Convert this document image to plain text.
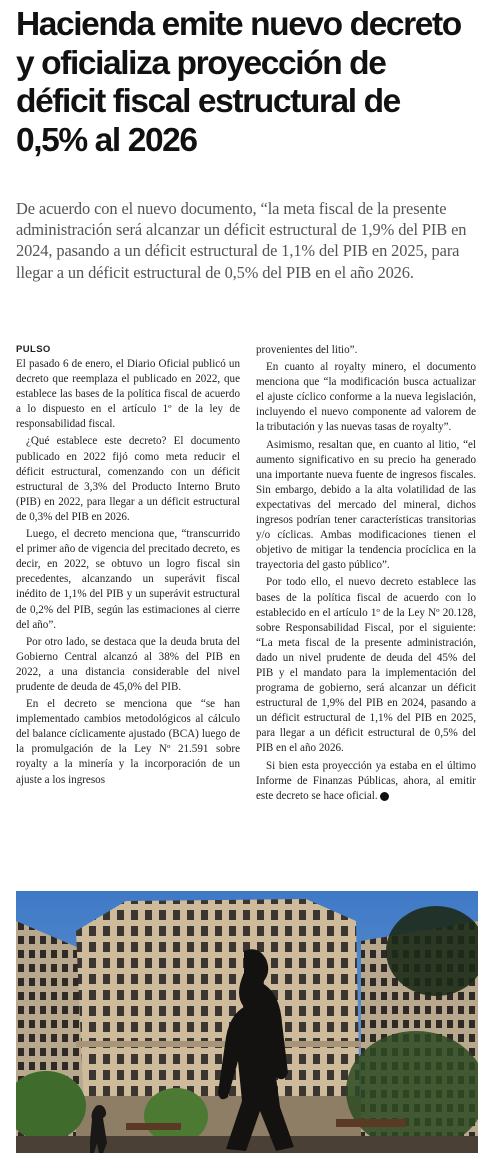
Hacienda emite nuevo decreto y oficializa proyección de déficit fiscal estructural de 0,5% al 2026

De acuerdo con el nuevo documento, “la meta fiscal de la presente administración será alcanzar un déficit estructural de 1,9% del PIB en 2024, pasando a un déficit estructural de 1,1% del PIB en 2025, para llegar a un déficit estructural de 0,5% del PIB en el año 2026.

PULSO

El pasado 6 de enero, el Diario Oficial publicó un decreto que reemplaza el publicado en 2022, que establece las bases de la política fiscal de acuerdo a lo dispuesto en el artículo 1º de la ley de responsabilidad fiscal.

¿Qué establece este decreto? El documento publicado en 2022 fijó como meta reducir el déficit estructural, comenzando con un déficit estructural de 3,3% del Producto Interno Bruto (PIB) en 2022, para llegar a un déficit estructural de 0,3% del PIB en 2026.

Luego, el decreto menciona que, “transcurrido el primer año de vigencia del precitado decreto, es decir, en 2022, se obtuvo un logro fiscal sin precedentes, alcanzando un superávit fiscal inédito de 1,1% del PIB y un superávit estructural de 0,2% del PIB, según las estimaciones al cierre del año”.

Por otro lado, se destaca que la deuda bruta del Gobierno Central alcanzó al 38% del PIB en 2022, a una distancia considerable del nivel prudente de deuda de 45,0% del PIB.

En el decreto se menciona que “se han implementado cambios metodológicos al cálculo del balance cíclicamente ajustado (BCA) luego de la promulgación de la Ley Nº 21.591 sobre royalty a la minería y la incorporación de un ajuste a los ingresos

provenientes del litio”.

En cuanto al royalty minero, el documento menciona que “la modificación busca actualizar el ajuste cíclico conforme a la nueva legislación, incluyendo el nuevo componente ad valorem de la tributación y las nuevas tasas de royalty”.

Asimismo, resaltan que, en cuanto al litio, “el aumento significativo en su precio ha generado una importante nueva fuente de ingresos fiscales. Sin embargo, debido a la alta volatilidad de las expectativas del mercado del mineral, dichos ingresos podrían tener características transitorias y/o cíclicas. Ambas modificaciones tienen el objetivo de mitigar la tendencia procíclica en la trayectoria del gasto público”.

Por todo ello, el nuevo decreto establece las bases de la política fiscal de acuerdo con lo establecido en el artículo 1º de la Ley Nº 20.128, sobre Responsabilidad Fiscal, por el siguiente: “La meta fiscal de la presente administración, dado un nivel prudente de deuda del 45% del PIB y el mandato para la implementación del programa de gobierno, será alcanzar un déficit estructural de 1,9% del PIB en 2024, pasando a un déficit estructural de 1,1% del PIB en 2025, para llegar a un déficit estructural de 0,5% del PIB en el año 2026.

Si bien esta proyección ya estaba en el último Informe de Finanzas Públicas, ahora, al emitir este decreto se hace oficial. P
